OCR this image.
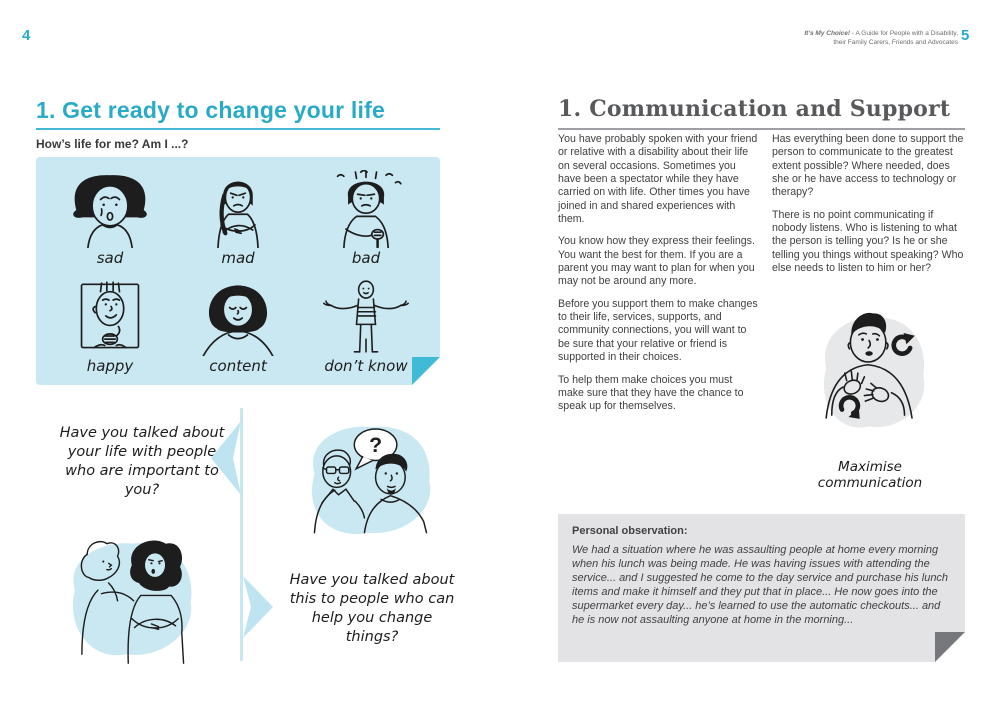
4
1. Get ready to change your life
How’s life for me? Am I ...?
sad	mad	bad
happy	content	don’t know
Have you talked about your life with people who are important to you?
?
Have you talked about this to people who can help you change things?
It’s My Choice! - A Guide for People with a Disability,
their Family Carers, Friends and Advocates 5
1. Communication and Support

You have probably spoken with your friend or relative with a disability about their life on several occasions. Sometimes you have been a spectator while they have carried on with life. Other times you have joined in and shared experiences with them.

You know how they express their feelings. You want the best for them. If you are a parent you may want to plan for when you may not be around any more.

Before you support them to make changes to their life, services, supports, and community connections, you will want to be sure that your relative or friend is supported in their choices.

To help them make choices you must make sure that they have the chance to speak up for themselves.

Has everything been done to support the person to communicate to the greatest extent possible? Where needed, does she or he have access to technology or therapy?

There is no point communicating if nobody listens. Who is listening to what the person is telling you? Is he or she telling you things without speaking? Who else needs to listen to him or her?

Maximise communication

Personal observation:

We had a situation where he was assaulting people at home every morning when his lunch was being made. He was having issues with attending the service... and I suggested he come to the day service and purchase his lunch items and make it himself and they put that in place... He now goes into the supermarket every day... he’s learned to use the automatic checkouts... and he is now not assaulting anyone at home in the morning...
